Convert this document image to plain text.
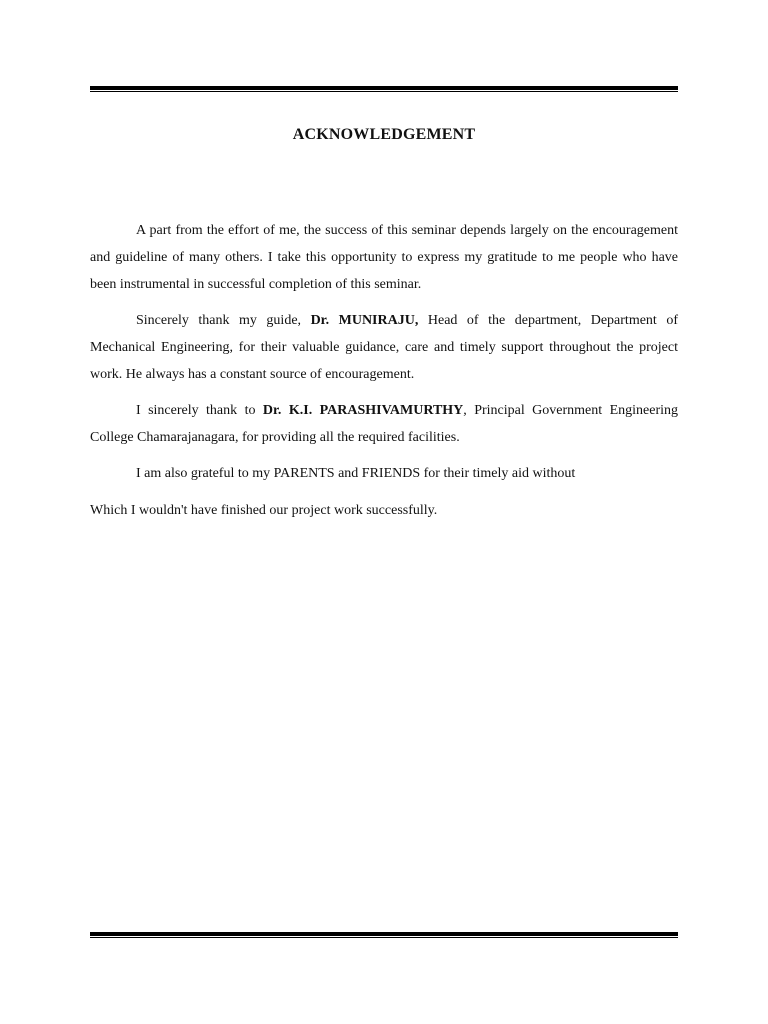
ACKNOWLEDGEMENT

A part from the effort of me, the success of this seminar depends largely on the encouragement and guideline of many others. I take this opportunity to express my gratitude to me people who have been instrumental in successful completion of this seminar.

Sincerely thank my guide, Dr. MUNIRAJU, Head of the department, Department of Mechanical Engineering, for their valuable guidance, care and timely support throughout the project work. He always has a constant source of encouragement.

I sincerely thank to Dr. K.I. PARASHIVAMURTHY, Principal Government Engineering College Chamarajanagara, for providing all the required facilities.

I am also grateful to my PARENTS and FRIENDS for their timely aid without

Which I wouldn't have finished our project work successfully.
